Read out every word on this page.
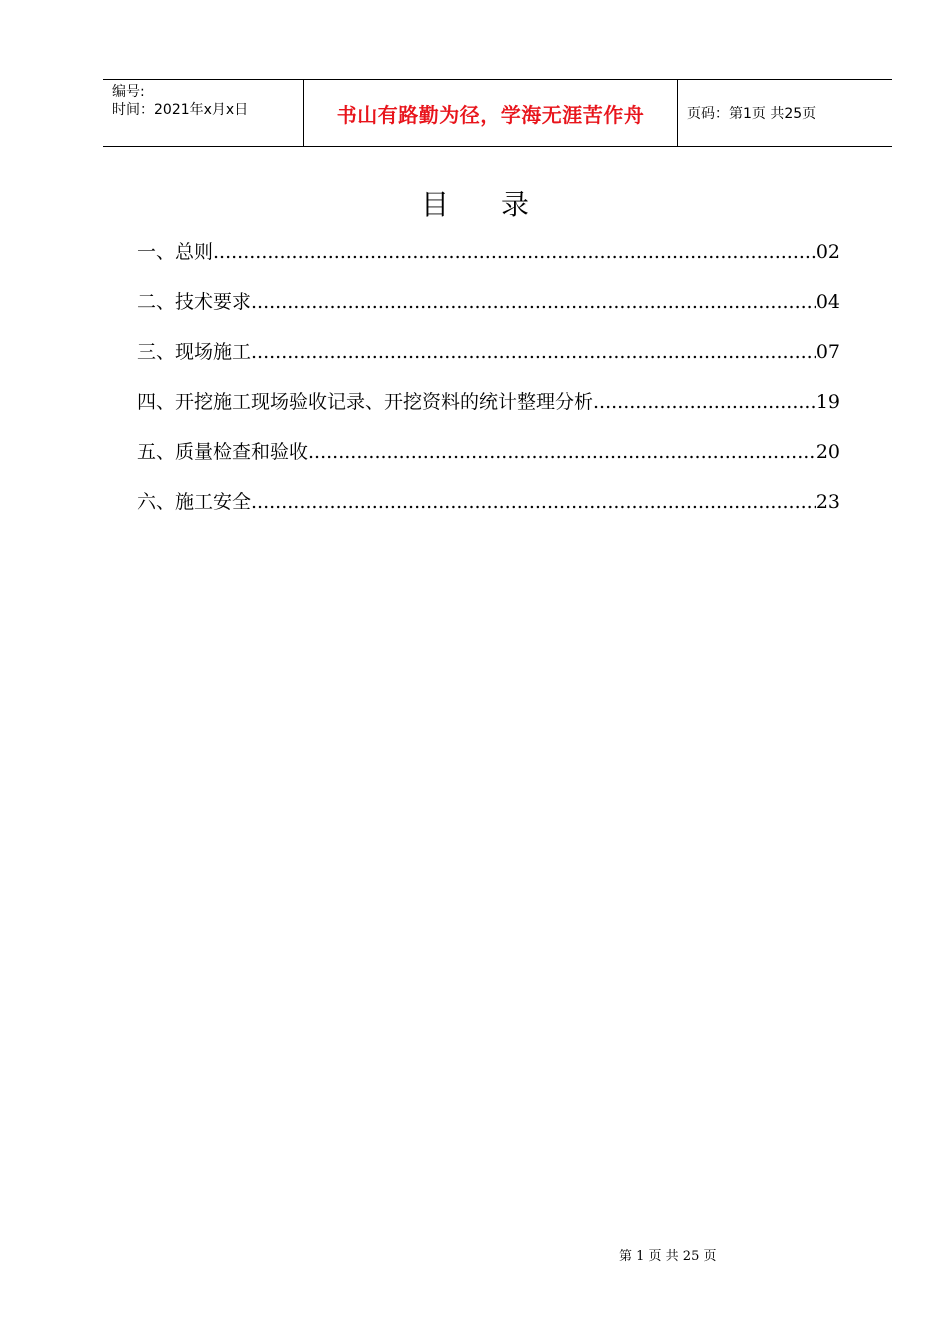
编号:
时间：2021年x月x日	书山有路勤为径，学海无涯苦作舟	页码：第1页 共25页
目录
一、总则 .....	02
二、技术要求 .....	04
三、现场施工 .....	07
四、开挖施工现场验收记录、开挖资料的统计整理分析 .....	19
五、质量检查和验收 .....	20
六、施工安全 .....	23
第 1 页 共 25 页
